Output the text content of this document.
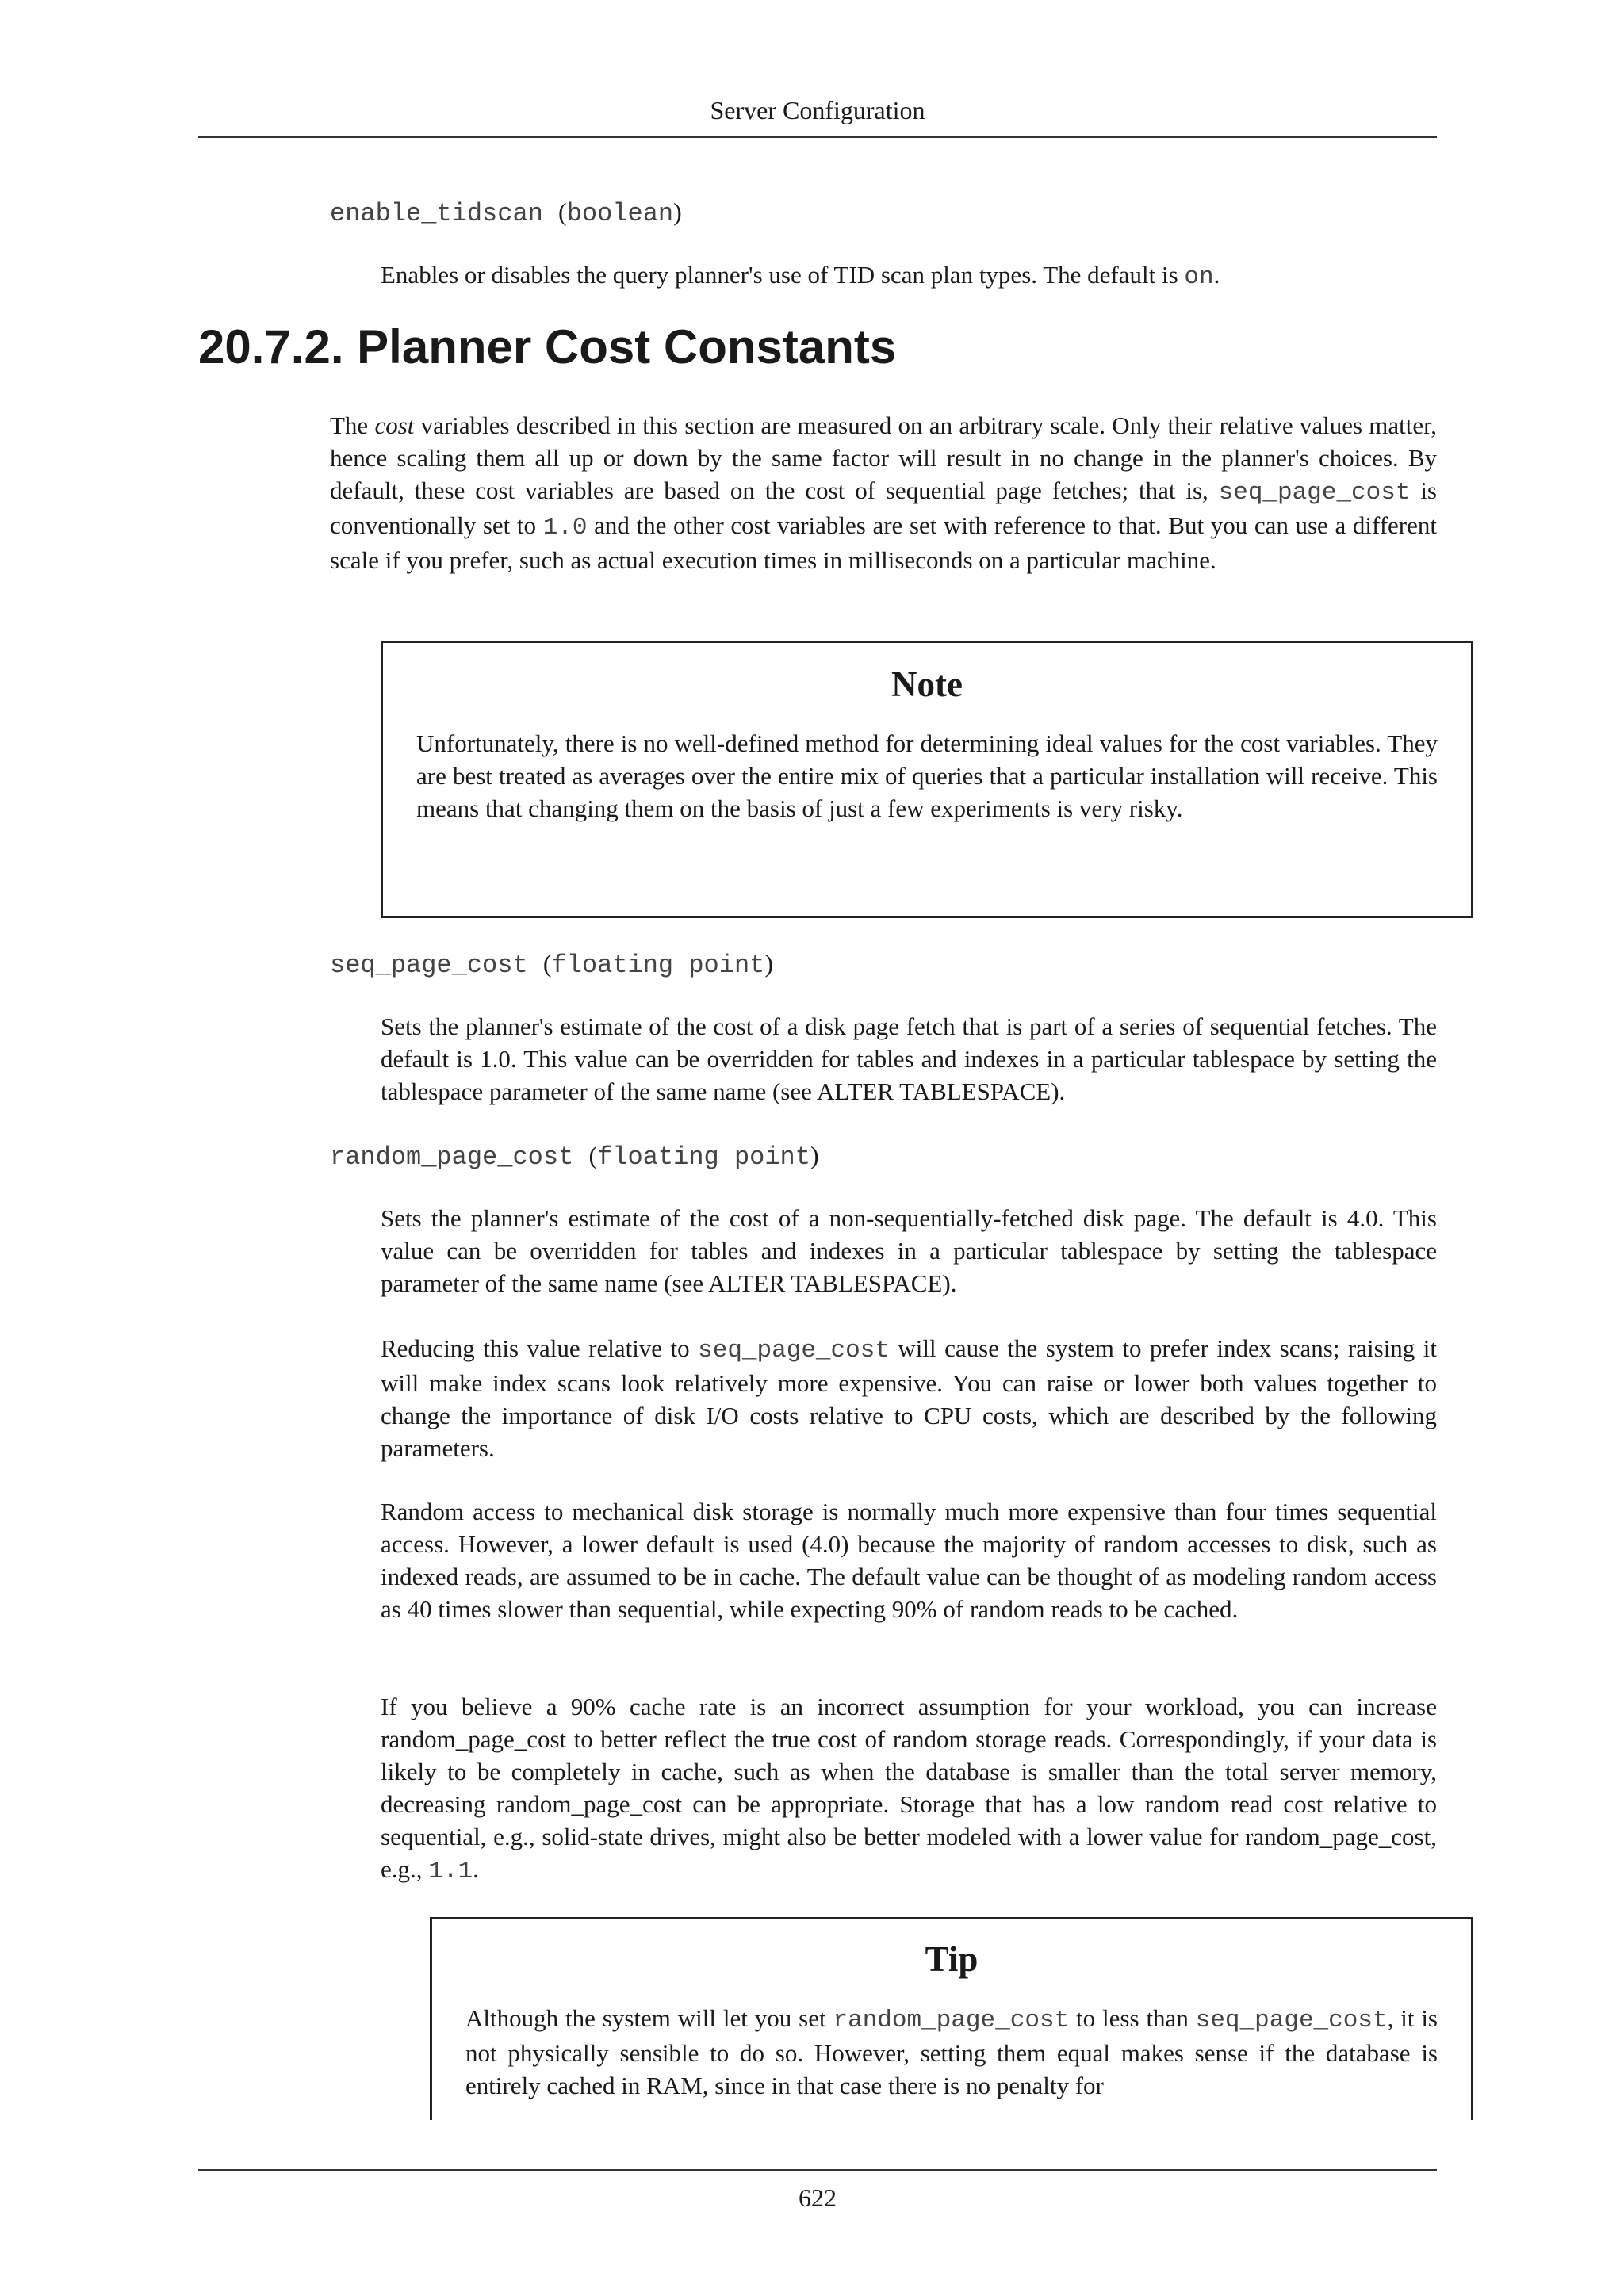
Server Configuration
enable_tidscan (boolean)
Enables or disables the query planner's use of TID scan plan types. The default is on.
20.7.2. Planner Cost Constants
The cost variables described in this section are measured on an arbitrary scale. Only their relative values matter, hence scaling them all up or down by the same factor will result in no change in the planner's choices. By default, these cost variables are based on the cost of sequential page fetches; that is, seq_page_cost is conventionally set to 1.0 and the other cost variables are set with reference to that. But you can use a different scale if you prefer, such as actual execution times in milliseconds on a particular machine.
Note
Unfortunately, there is no well-defined method for determining ideal values for the cost variables. They are best treated as averages over the entire mix of queries that a particular installation will receive. This means that changing them on the basis of just a few experiments is very risky.
seq_page_cost (floating point)
Sets the planner's estimate of the cost of a disk page fetch that is part of a series of sequential fetches. The default is 1.0. This value can be overridden for tables and indexes in a particular tablespace by setting the tablespace parameter of the same name (see ALTER TABLESPACE).
random_page_cost (floating point)
Sets the planner's estimate of the cost of a non-sequentially-fetched disk page. The default is 4.0. This value can be overridden for tables and indexes in a particular tablespace by setting the tablespace parameter of the same name (see ALTER TABLESPACE).
Reducing this value relative to seq_page_cost will cause the system to prefer index scans; raising it will make index scans look relatively more expensive. You can raise or lower both values together to change the importance of disk I/O costs relative to CPU costs, which are described by the following parameters.
Random access to mechanical disk storage is normally much more expensive than four times sequential access. However, a lower default is used (4.0) because the majority of random accesses to disk, such as indexed reads, are assumed to be in cache. The default value can be thought of as modeling random access as 40 times slower than sequential, while expecting 90% of random reads to be cached.
If you believe a 90% cache rate is an incorrect assumption for your workload, you can increase random_page_cost to better reflect the true cost of random storage reads. Correspondingly, if your data is likely to be completely in cache, such as when the database is smaller than the total server memory, decreasing random_page_cost can be appropriate. Storage that has a low random read cost relative to sequential, e.g., solid-state drives, might also be better modeled with a lower value for random_page_cost, e.g., 1.1.
Tip
Although the system will let you set random_page_cost to less than seq_page_cost, it is not physically sensible to do so. However, setting them equal makes sense if the database is entirely cached in RAM, since in that case there is no penalty for
622
